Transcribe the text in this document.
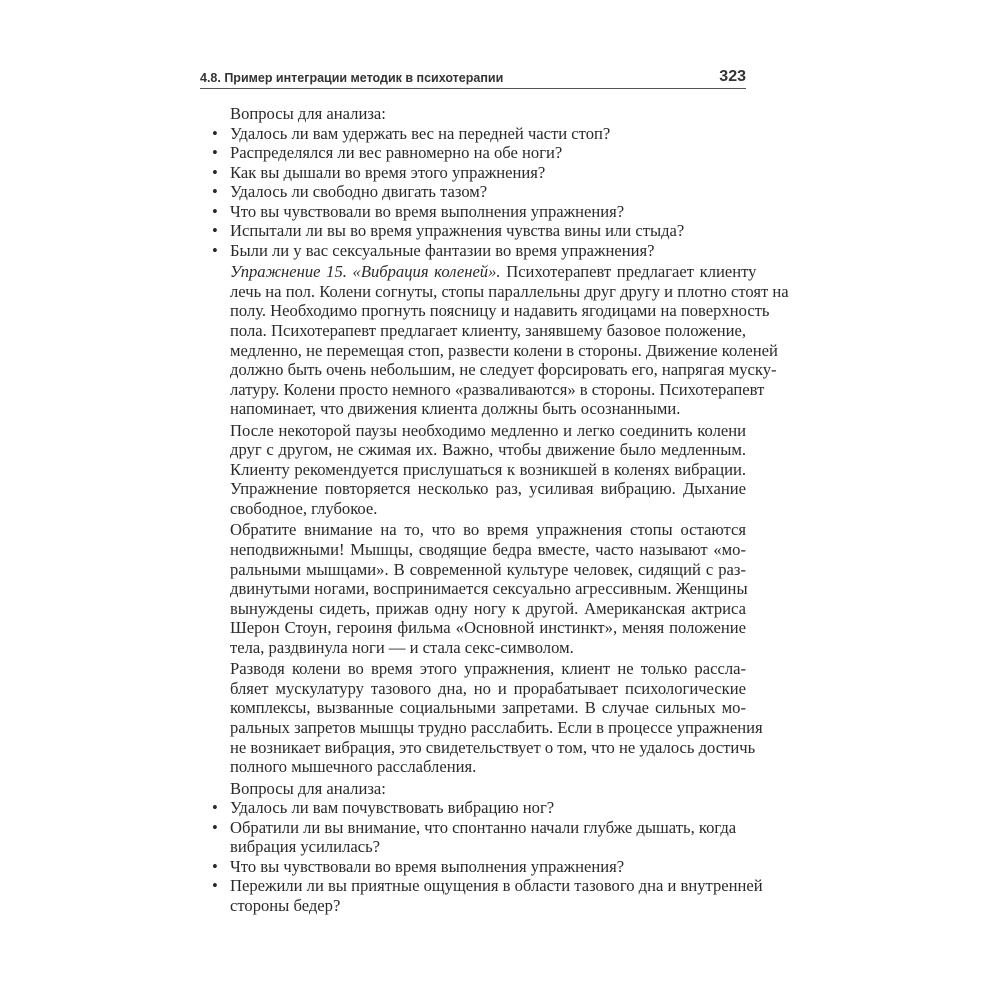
4.8. Пример интеграции методик в психотерапии	323
Вопросы для анализа:
• Удалось ли вам удержать вес на передней части стоп?
• Распределялся ли вес равномерно на обе ноги?
• Как вы дышали во время этого упражнения?
• Удалось ли свободно двигать тазом?
• Что вы чувствовали во время выполнения упражнения?
• Испытали ли вы во время упражнения чувства вины или стыда?
• Были ли у вас сексуальные фантазии во время упражнения?
Упражнение 15. «Вибрация коленей». Психотерапевт предлагает клиенту
лечь на пол. Колени согнуты, стопы параллельны друг другу и плотно стоят на
полу. Необходимо прогнуть поясницу и надавить ягодицами на поверхность
пола. Психотерапевт предлагает клиенту, занявшему базовое положение,
медленно, не перемещая стоп, развести колени в стороны. Движение коленей
должно быть очень небольшим, не следует форсировать его, напрягая муску-
латуру. Колени просто немного «разваливаются» в стороны. Психотерапевт
напоминает, что движения клиента должны быть осознанными.
После некоторой паузы необходимо медленно и легко соединить колени
друг с другом, не сжимая их. Важно, чтобы движение было медленным.
Клиенту рекомендуется прислушаться к возникшей в коленях вибрации.
Упражнение повторяется несколько раз, усиливая вибрацию. Дыхание
свободное, глубокое.
Обратите внимание на то, что во время упражнения стопы остаются
неподвижными! Мышцы, сводящие бедра вместе, часто называют «мо-
ральными мышцами». В современной культуре человек, сидящий с раз-
двинутыми ногами, воспринимается сексуально агрессивным. Женщины
вынуждены сидеть, прижав одну ногу к другой. Американская актриса
Шерон Стоун, героиня фильма «Основной инстинкт», меняя положение
тела, раздвинула ноги — и стала секс-символом.
Разводя колени во время этого упражнения, клиент не только рассла-
бляет мускулатуру тазового дна, но и прорабатывает психологические
комплексы, вызванные социальными запретами. В случае сильных мо-
ральных запретов мышцы трудно расслабить. Если в процессе упражнения
не возникает вибрация, это свидетельствует о том, что не удалось достичь
полного мышечного расслабления.
Вопросы для анализа:
• Удалось ли вам почувствовать вибрацию ног?
• Обратили ли вы внимание, что спонтанно начали глубже дышать, когда
вибрация усилилась?
• Что вы чувствовали во время выполнения упражнения?
• Пережили ли вы приятные ощущения в области тазового дна и внутренней
стороны бедер?
